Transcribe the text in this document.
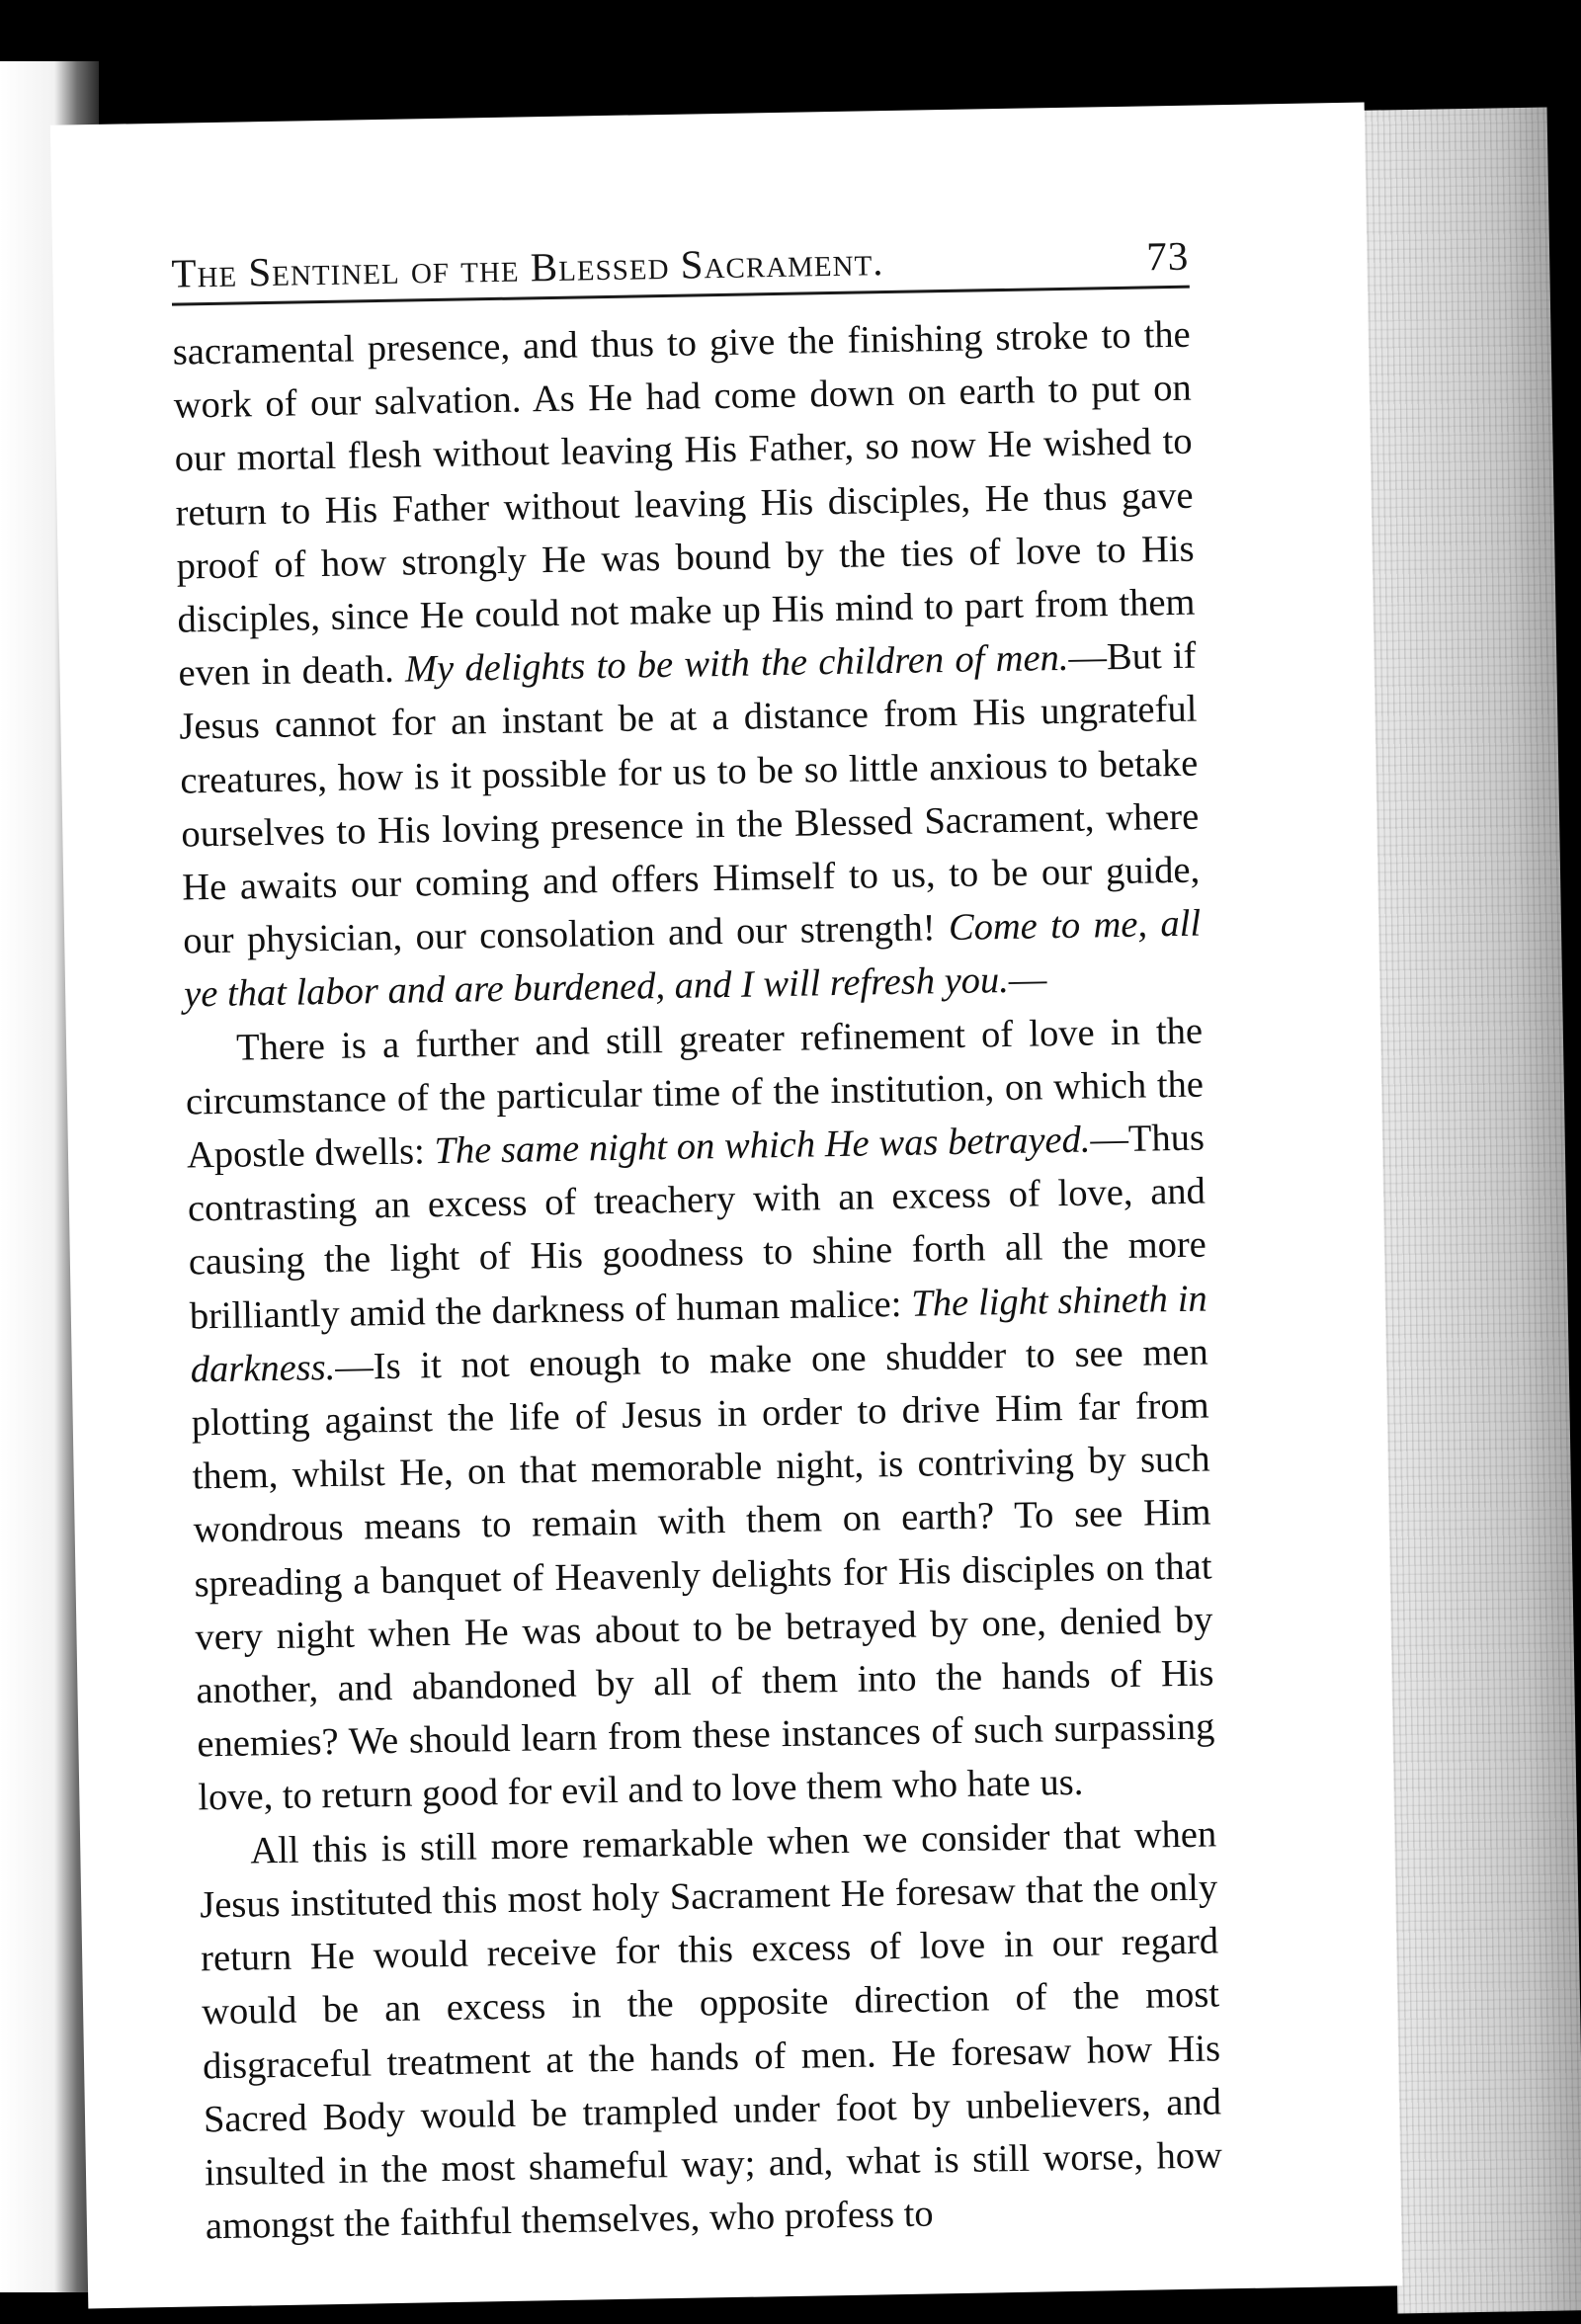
The Sentinel of the Blessed Sacrament.	73

sacramental presence, and thus to give the finishing stroke to the work of our salvation. As He had come down on earth to put on our mortal flesh without leaving His Father, so now He wished to return to His Father without leaving His disciples, He thus gave proof of how strongly He was bound by the ties of love to His disciples, since He could not make up His mind to part from them even in death. My delights to be with the children of men.—But if Jesus cannot for an instant be at a distance from His ungrateful creatures, how is it possible for us to be so little anxious to betake ourselves to His loving presence in the Blessed Sacrament, where He awaits our coming and offers Himself to us, to be our guide, our physician, our consolation and our strength! Come to me, all ye that labor and are burdened, and I will refresh you.—

There is a further and still greater refinement of love in the circumstance of the particular time of the institution, on which the Apostle dwells: The same night on which He was betrayed.—Thus contrasting an excess of treachery with an excess of love, and causing the light of His goodness to shine forth all the more brilliantly amid the darkness of human malice: The light shineth in darkness.—Is it not enough to make one shudder to see men plotting against the life of Jesus in order to drive Him far from them, whilst He, on that memorable night, is contriving by such wondrous means to remain with them on earth? To see Him spreading a banquet of Heavenly delights for His disciples on that very night when He was about to be betrayed by one, denied by another, and abandoned by all of them into the hands of His enemies? We should learn from these instances of such surpassing love, to return good for evil and to love them who hate us.

All this is still more remarkable when we consider that when Jesus instituted this most holy Sacrament He foresaw that the only return He would receive for this excess of love in our regard would be an excess in the opposite direction of the most disgraceful treatment at the hands of men. He foresaw how His Sacred Body would be trampled under foot by unbelievers, and insulted in the most shameful way; and, what is still worse, how amongst the faithful themselves, who profess to
